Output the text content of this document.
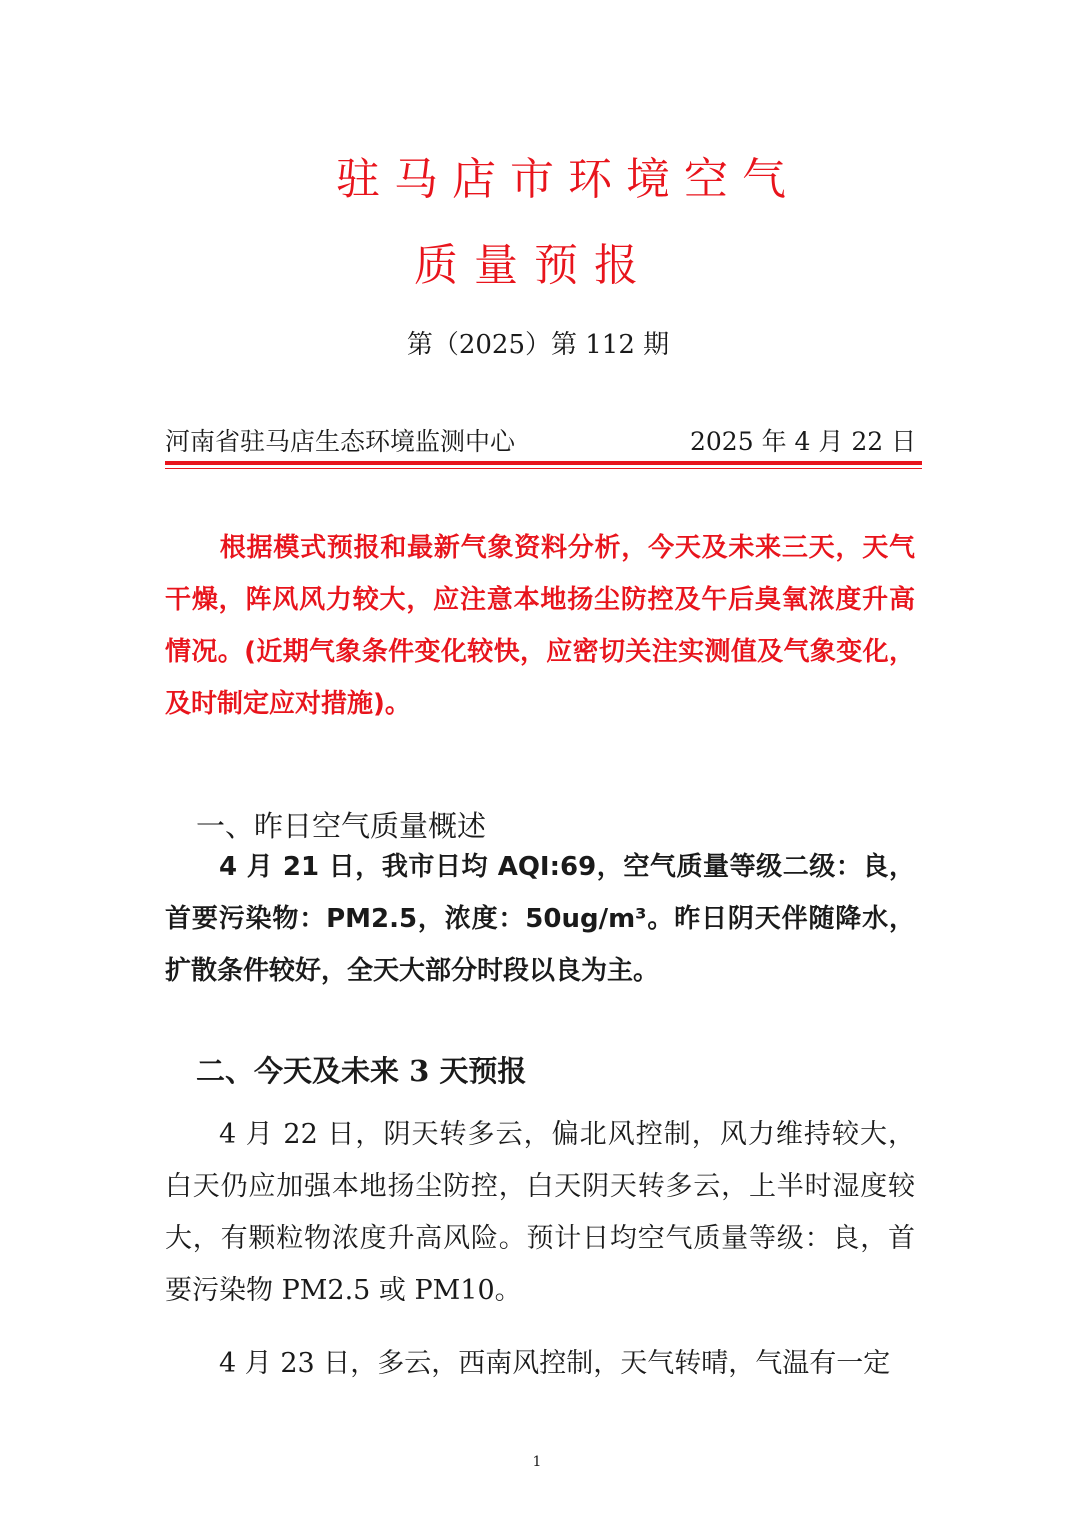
驻马店市环境空气
质量预报
第（2025）第 112 期
河南省驻马店生态环境监测中心	2025 年 4 月 22 日

根据模式预报和最新气象资料分析，今天及未来三天，天气干燥，阵风风力较大，应注意本地扬尘防控及午后臭氧浓度升高情况。(近期气象条件变化较快，应密切关注实测值及气象变化，及时制定应对措施)。

一、昨日空气质量概述

4 月 21 日，我市日均 AQI:69，空气质量等级二级：良，首要污染物：PM2.5，浓度：50ug/m³。昨日阴天伴随降水，扩散条件较好，全天大部分时段以良为主。

二、今天及未来 3 天预报

4 月 22 日，阴天转多云，偏北风控制，风力维持较大，白天仍应加强本地扬尘防控，白天阴天转多云，上半时湿度较大，有颗粒物浓度升高风险。预计日均空气质量等级：良，首要污染物 PM2.5 或 PM10。

4 月 23 日，多云，西南风控制，天气转晴，气温有一定

1
